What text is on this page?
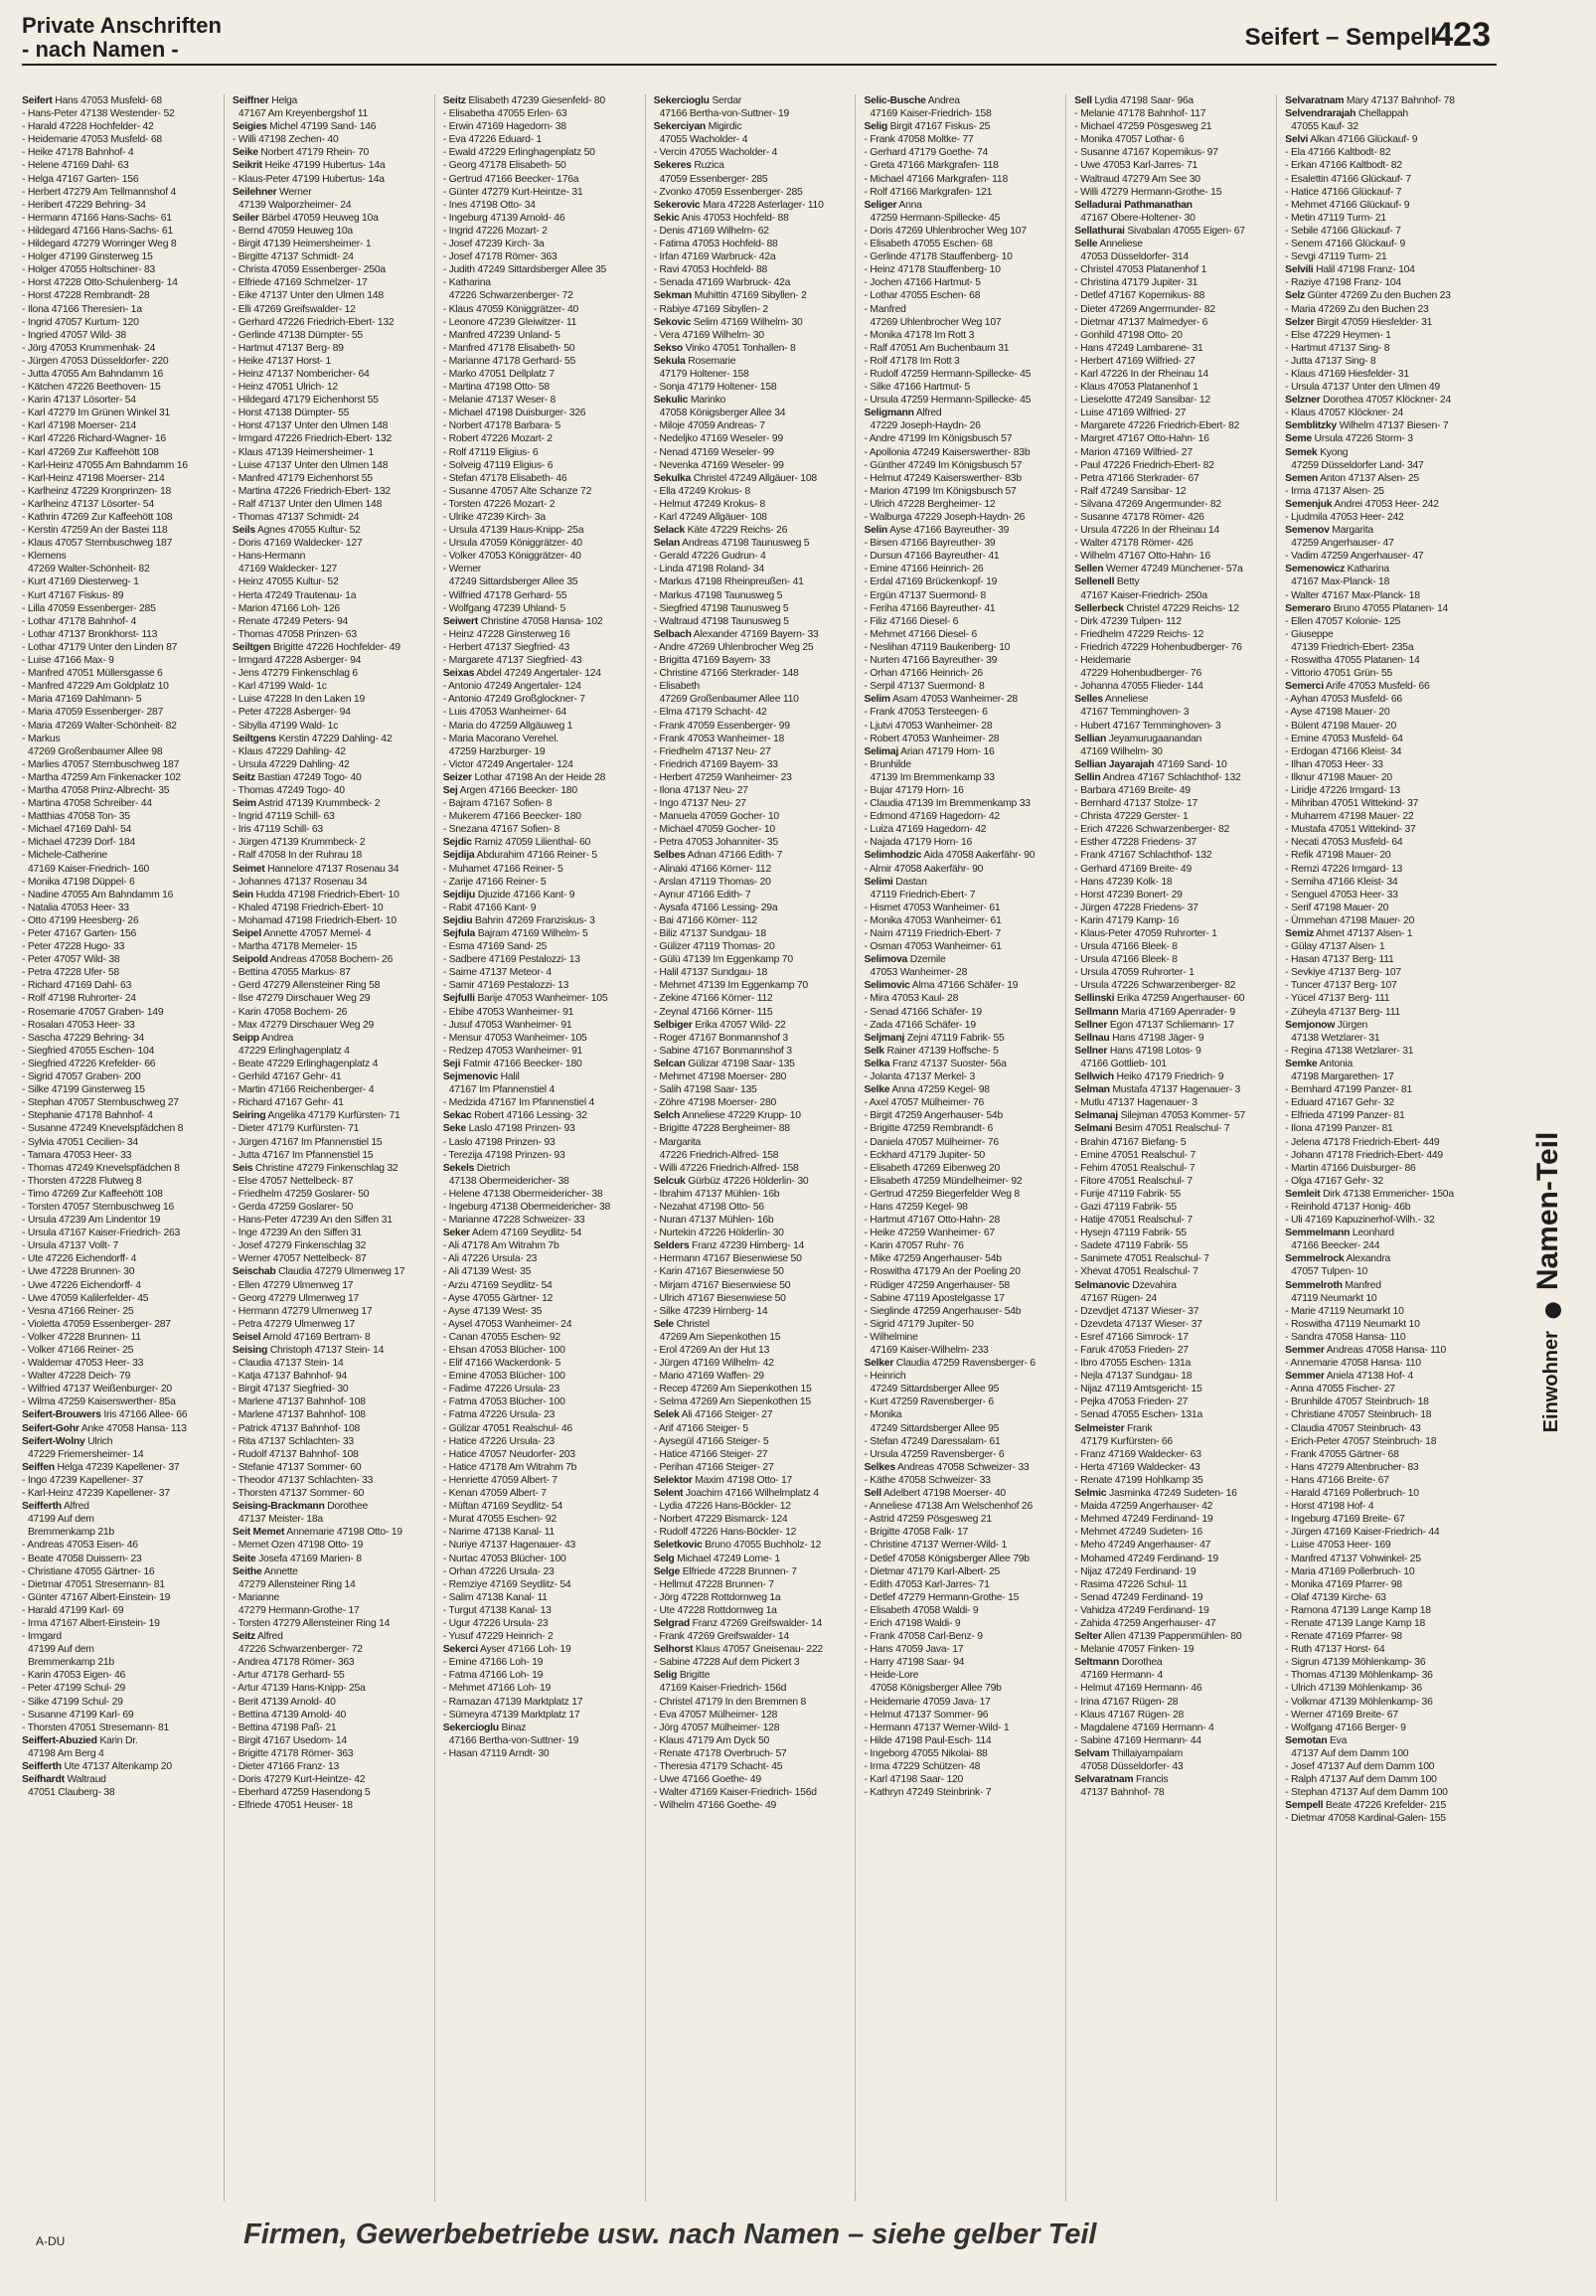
Private Anschriften
- nach Namen -	Seifert – Sempell
423
Seifert Hans 47053 Musfeld- 68
- Hans-Peter 47138 Westender- 52
- Harald 47228 Hochfelder- 42
- Heidemarie 47053 Musfeld- 68
- Heike 47178 Bahnhof- 4
- Helene 47169 Dahl- 63
- Helga 47167 Garten- 156
- Herbert 47279 Am Tellmannshof 4
- Heribert 47229 Behring- 34
- Hermann 47166 Hans-Sachs- 61
- Hildegard 47166 Hans-Sachs- 61
- Hildegard 47279 Worringer Weg 8
- Holger 47199 Ginsterweg 15
- Holger 47055 Holtschiner- 83
- Horst 47228 Otto-Schulenberg- 14
- Horst 47228 Rembrandt- 28
- Ilona 47166 Theresien- 1a
- Ingrid 47057 Kurtum- 120
- Ingried 47057 Wild- 38
- Jörg 47053 Krummenhak- 24
- Jürgen 47053 Düsseldorfer- 220
- Jutta 47055 Am Bahndamm 16
- Kätchen 47226 Beethoven- 15
- Karin 47137 Lösorter- 54
- Karl 47279 Im Grünen Winkel 31
- Karl 47198 Moerser- 214
- Karl 47226 Richard-Wagner- 16
- Karl 47269 Zur Kaffeehött 108
- Karl-Heinz 47055 Am Bahndamm 16
- Karl-Heinz 47198 Moerser- 214
- Karlheinz 47229 Kronprinzen- 18
- Karlheinz 47137 Lösorter- 54
- Kathrin 47269 Zur Kaffeehött 108
- Kerstin 47259 An der Bastei 118
- Klaus 47057 Sternbuschweg 187
- Klemens
47269 Walter-Schönheit- 82
- Kurt 47169 Diesterweg- 1
- Kurt 47167 Fiskus- 89
- Lilla 47059 Essenberger- 285
- Lothar 47178 Bahnhof- 4
- Lothar 47137 Bronkhorst- 113
- Lothar 47179 Unter den Linden 87
- Luise 47166 Max- 9
- Manfred 47051 Müllersgasse 6
- Manfred 47229 Am Goldplatz 10
- Maria 47169 Dahlmann- 5
- Maria 47059 Essenberger- 287
- Maria 47269 Walter-Schönheit- 82
- Markus
47269 Großenbaumer Allee 98
- Marlies 47057 Sternbuschweg 187
- Martha 47259 Am Finkenacker 102
- Martha 47058 Prinz-Albrecht- 35
- Martina 47058 Schreiber- 44
- Matthias 47058 Ton- 35
- Michael 47169 Dahl- 54
- Michael 47239 Dorf- 184
- Michele-Catherine
47169 Kaiser-Friedrich- 160
- Monika 47198 Düppel- 6
- Nadine 47055 Am Bahndamm 16
- Natalia 47053 Heer- 33
- Otto 47199 Heesberg- 26
- Peter 47167 Garten- 156
- Peter 47228 Hugo- 33
- Peter 47057 Wild- 38
- Petra 47228 Ufer- 58
- Richard 47169 Dahl- 63
- Rolf 47198 Ruhrorter- 24
- Rosemarie 47057 Graben- 149
- Rosalan 47053 Heer- 33
- Sascha 47229 Behring- 34
- Siegfried 47055 Eschen- 104
- Siegfried 47226 Krefelder- 66
- Sigrid 47057 Graben- 200
- Silke 47199 Ginsterweg 15
- Stephan 47057 Sternbuschweg 27
- Stephanie 47178 Bahnhof- 4
- Susanne 47249 Knevelspfädchen 8
- Sylvia 47051 Cecilien- 34
- Tamara 47053 Heer- 33
- Thomas 47249 Knevelspfädchen 8
- Thorsten 47228 Flutweg 8
- Timo 47269 Zur Kaffeehött 108
- Torsten 47057 Sternbuschweg 16
- Ursula 47239 Am Lindentor 19
- Ursula 47167 Kaiser-Friedrich- 263
- Ursula 47137 Vollt- 7
- Ute 47226 Eichendorff- 4
- Uwe 47228 Brunnen- 30
- Uwe 47226 Eichendorff- 4
- Uwe 47059 Kalilerfelder- 45
- Vesna 47166 Reiner- 25
- Violetta 47059 Essenberger- 287
- Volker 47228 Brunnen- 11
- Volker 47166 Reiner- 25
- Waldemar 47053 Heer- 33
- Walter 47228 Deich- 79
- Wilfried 47137 Weißenburger- 20
- Wilma 47259 Kaiserswerther- 85a
Seifert-Brouwers Iris 47166 Allee- 66
Seifert-Gohr Anke 47058 Hansa- 113
Seifert-Wolny Ulrich
47229 Friemersheimer- 14
Seiffen Helga 47239 Kapellener- 37
- Ingo 47239 Kapellener- 37
- Karl-Heinz 47239 Kapellener- 37
Seifferth Alfred
47199 Auf dem
Bremmenkamp 21b
- Andreas 47053 Eisen- 46
- Beate 47058 Duissern- 23
- Christiane 47055 Gärtner- 16
- Dietmar 47051 Stresemann- 81
- Günter 47167 Albert-Einstein- 19
- Harald 47199 Karl- 69
- Irma 47167 Albert-Einstein- 19
- Irmgard
47199 Auf dem
Bremmenkamp 21b
- Karin 47053 Eigen- 46
- Peter 47199 Schul- 29
- Silke 47199 Schul- 29
- Susanne 47199 Karl- 69
- Thorsten 47051 Stresemann- 81
Seiffert-Abuzied Karin Dr.
47198 Am Berg 4
Seifferth Ute 47137 Altenkamp 20
Seifhardt Waltraud
47051 Clauberg- 38
Seiffner Helga
47167 Am Kreyenbergshof 11
Seigies Michel 47199 Sand- 146
- Willi 47198 Zechen- 40
Seike Norbert 47179 Rhein- 70
Seikrit Heike 47199 Hubertus- 14a
- Klaus-Peter 47199 Hubertus- 14a
Seilehner Werner
47139 Walporzheimer- 24
Seiler Bärbel 47059 Heuweg 10a
- Bernd 47059 Heuweg 10a
- Birgit 47139 Heimersheimer- 1
- Birgitte 47137 Schmidt- 24
- Christa 47059 Essenberger- 250a
- Elfriede 47169 Schmelzer- 17
- Eike 47137 Unter den Ulmen 148
- Elli 47269 Greifswalder- 12
- Gerhard 47226 Friedrich-Ebert- 132
- Gerlinde 47138 Dümpter- 55
- Hartmut 47137 Berg- 89
- Heike 47137 Horst- 1
- Heinz 47137 Nombericher- 64
- Heinz 47051 Ulrich- 12
- Hildegard 47179 Eichenhorst 55
- Horst 47138 Dümpter- 55
- Horst 47137 Unter den Ulmen 148
- Irmgard 47226 Friedrich-Ebert- 132
- Klaus 47139 Heimersheimer- 1
- Luise 47137 Unter den Ulmen 148
- Manfred 47179 Eichenhorst 55
- Martina 47226 Friedrich-Ebert- 132
- Ralf 47137 Unter den Ulmen 148
- Thomas 47137 Schmidt- 24
Seils Agnes 47055 Kultur- 52
- Doris 47169 Waldecker- 127
- Hans-Hermann
47169 Waldecker- 127
- Heinz 47055 Kultur- 52
- Herta 47249 Trautenau- 1a
- Marion 47166 Loh- 126
- Renate 47249 Peters- 94
- Thomas 47058 Prinzen- 63
Seiltgen Brigitte 47226 Hochfelder- 49
- Irmgard 47228 Asberger- 94
- Jens 47279 Finkenschlag 6
- Karl 47199 Wald- 1c
- Luise 47228 In den Laken 19
- Peter 47228 Asberger- 94
- Sibylla 47199 Wald- 1c
Seiltgens Kerstin 47229 Dahling- 42
- Klaus 47229 Dahling- 42
- Ursula 47229 Dahling- 42
Seitz Bastian 47249 Togo- 40
- Thomas 47249 Togo- 40
Seim Astrid 47139 Krummbeck- 2
- Ingrid 47119 Schill- 63
- Iris 47119 Schill- 63
- Jürgen 47139 Krummbeck- 2
- Ralf 47058 In der Ruhrau 18
Seimet Hannelore 47137 Rosenau 34
- Johannes 47137 Rosenau 34
Sein Hudda 47198 Friedrich-Ebert- 10
- Khaled 47198 Friedrich-Ebert- 10
- Mohamad 47198 Friedrich-Ebert- 10
Seipel Annette 47057 Memel- 4
- Martha 47178 Memeler- 15
Seipold Andreas 47058 Bochem- 26
- Bettina 47055 Markus- 87
- Gerd 47279 Allensteiner Ring 58
- Ilse 47279 Dirschauer Weg 29
- Karin 47058 Bochem- 26
- Max 47279 Dirschauer Weg 29
Seipp Andrea
47229 Erlinghagenplatz 4
- Beate 47229 Erlinghagenplatz 4
- Gerhild 47167 Gehr- 41
- Martin 47166 Reichenberger- 4
- Richard 47167 Gehr- 41
Seiring Angelika 47179 Kurfürsten- 71
- Dieter 47179 Kurfürsten- 71
- Jürgen 47167 Im Pfannenstiel 15
- Jutta 47167 Im Pfannenstiel 15
Seis Christine 47279 Finkenschlag 32
- Else 47057 Nettelbeck- 87
- Friedhelm 47259 Goslarer- 50
- Gerda 47259 Goslarer- 50
- Hans-Peter 47239 An den Siffen 31
- Inge 47239 An den Siffen 31
- Josef 47279 Finkenschlag 32
- Werner 47057 Nettelbeck- 87
Seischab Claudia 47279 Ulmenweg 17
- Ellen 47279 Ulmenweg 17
- Georg 47279 Ulmenweg 17
- Hermann 47279 Ulmenweg 17
- Petra 47279 Ulmenweg 17
Seisel Arnold 47169 Bertram- 8
Seising Christoph 47137 Stein- 14
- Claudia 47137 Stein- 14
- Katja 47137 Bahnhof- 94
- Birgit 47137 Siegfried- 30
- Marlene 47137 Bahnhof- 108
- Marlene 47137 Bahnhof- 108
- Patrick 47137 Bahnhof- 108
- Rita 47137 Schlachten- 33
- Rudolf 47137 Bahnhof- 108
- Stefanie 47137 Sommer- 60
- Theodor 47137 Schlachten- 33
- Thorsten 47137 Sommer- 60
Seising-Brackmann Dorothee
47137 Meister- 18a
Seit Memet Annemarie 47198 Otto- 19
- Memet Ozen 47198 Otto- 19
Seite Josefa 47169 Marien- 8
Seithe Annette
47279 Allensteiner Ring 14
- Marianne
47279 Hermann-Grothe- 17
- Torsten 47279 Allensteiner Ring 14
Seitz Alfred
47226 Schwarzenberger- 72
- Andrea 47178 Römer- 363
- Artur 47178 Gerhard- 55
- Artur 47139 Hans-Knipp- 25a
- Berit 47139 Arnold- 40
- Bettina 47139 Arnold- 40
- Bettina 47198 Paß- 21
- Birgit 47167 Usedom- 14
- Brigitte 47178 Römer- 363
- Dieter 47166 Franz- 13
- Doris 47279 Kurt-Heintze- 42
- Eberhard 47259 Hasendong 5
- Elfriede 47051 Heuser- 18
Seitz Elisabeth 47239 Giesenfeld- 80
- Elisabetha 47055 Erlen- 63
- Erwin 47169 Hagedorn- 38
- Eva 47226 Eduard- 1
- Ewald 47229 Erlinghagenplatz 50
- Georg 47178 Elisabeth- 50
- Gertrud 47166 Beecker- 176a
- Günter 47279 Kurt-Heintze- 31
- Ines 47198 Otto- 34
- Ingeburg 47139 Arnold- 46
- Ingrid 47226 Mozart- 2
- Josef 47239 Kirch- 3a
- Josef 47178 Römer- 363
- Judith 47249 Sittardsberger Allee 35
- Katharina
47226 Schwarzenberger- 72
- Klaus 47059 Königgrätzer- 40
- Leonore 47239 Gleiwitzer- 11
- Manfred 47239 Unland- 5
- Manfred 47178 Elisabeth- 50
- Marianne 47178 Gerhard- 55
- Marko 47051 Dellplatz 7
- Martina 47198 Otto- 58
- Melanie 47137 Weser- 8
- Michael 47198 Duisburger- 326
- Norbert 47178 Barbara- 5
- Robert 47226 Mozart- 2
- Rolf 47119 Eligius- 6
- Solveig 47119 Eligius- 6
- Stefan 47178 Elisabeth- 46
- Susanne 47057 Alte Schanze 72
- Torsten 47226 Mozart- 2
- Ulrike 47239 Kirch- 3a
- Ursula 47139 Haus-Knipp- 25a
- Ursula 47059 Königgrätzer- 40
- Volker 47053 Königgrätzer- 40
- Werner
47249 Sittardsberger Allee 35
- Wilfried 47178 Gerhard- 55
- Wolfgang 47239 Uhland- 5
Seiwert Christine 47058 Hansa- 102
- Heinz 47228 Ginsterweg 16
- Herbert 47137 Siegfried- 43
- Margarete 47137 Siegfried- 43
Seixas Abdel 47249 Angertaler- 124
- Antonio 47249 Angertaler- 124
- Antonio 47249 Großglockner- 7
- Luis 47053 Wanheimer- 64
- Maria do 47259 Allgäuweg 1
- Maria Macorano Verehel.
47259 Harzburger- 19
- Victor 47249 Angertaler- 124
Seizer Lothar 47198 An der Heide 28
Sej Argen 47166 Beecker- 180
- Bajram 47167 Sofien- 8
- Mukerem 47166 Beecker- 180
- Snezana 47167 Sofien- 8
Sejdic Ramiz 47059 Lilienthal- 60
Sejdija Abdurahim 47166 Reiner- 5
- Muhamet 47166 Reiner- 5
- Zarije 47166 Reiner- 5
Sejdiju Djuzide 47166 Kant- 9
- Rabit 47166 Kant- 9
Sejdiu Bahrin 47269 Franziskus- 3
Sejfula Bajram 47169 Wilhelm- 5
- Esma 47169 Sand- 25
- Sadbere 47169 Pestalozzi- 13
- Saime 47137 Meteor- 4
- Samir 47169 Pestalozzi- 13
Sejfulli Barije 47053 Wanheimer- 105
- Ebibe 47053 Wanheimer- 91
- Jusuf 47053 Wanheimer- 91
- Mensur 47053 Wanheimer- 105
- Redzep 47053 Wanheimer- 91
Seji Fatmir 47166 Beecker- 180
Sejmenovic Halil
47167 Im Pfannenstiel 4
- Medzida 47167 Im Pfannenstiel 4
Sekac Robert 47166 Lessing- 32
Seke Laslo 47198 Prinzen- 93
- Laslo 47198 Prinzen- 93
- Terezija 47198 Prinzen- 93
Sekels Dietrich
47138 Obermeidericher- 38
- Helene 47138 Obermeidericher- 38
- Ingeburg 47138 Obermeidericher- 38
- Marianne 47228 Schweizer- 33
Seker Adem 47169 Seydlitz- 54
- Ali 47178 Am Witrahm 7b
- Ali 47226 Ursula- 23
- Ali 47139 West- 35
- Arzu 47169 Seydlitz- 54
- Ayse 47055 Gärtner- 12
- Ayse 47139 West- 35
- Aysel 47053 Wanheimer- 24
- Canan 47055 Eschen- 92
- Ehsan 47053 Blücher- 100
- Elif 47166 Wackerdonk- 5
- Emine 47053 Blücher- 100
- Fadime 47226 Ursula- 23
- Fatma 47053 Blücher- 100
- Fatma 47226 Ursula- 23
- Gülizar 47051 Realschul- 46
- Hatice 47226 Ursula- 23
- Hatice 47057 Neudorfer- 203
- Hatice 47178 Am Witrahm 7b
- Henriette 47059 Albert- 7
- Kenan 47059 Albert- 7
- Müftan 47169 Seydlitz- 54
- Murat 47055 Eschen- 92
- Narime 47138 Kanal- 11
- Nuriye 47137 Hagenauer- 43
- Nurtac 47053 Blücher- 100
- Orhan 47226 Ursula- 23
- Remziye 47169 Seydlitz- 54
- Salim 47138 Kanal- 11
- Turgut 47138 Kanal- 13
- Ugur 47226 Ursula- 23
- Yusuf 47229 Heinrich- 2
Sekerci Ayser 47166 Loh- 19
- Emine 47166 Loh- 19
- Fatma 47166 Loh- 19
- Mehmet 47166 Loh- 19
- Ramazan 47139 Marktplatz 17
- Sümeyra 47139 Marktplatz 17
Sekercioglu Binaz
47166 Bertha-von-Suttner- 19
- Hasan 47119 Arndt- 30
Sekercioglu Serdar
47166 Bertha-von-Suttner- 19
Sekerciyan Migirdic
47055 Wacholder- 4
- Vercin 47055 Wacholder- 4
Sekeres Ruzica
47059 Essenberger- 285
- Zvonko 47059 Essenberger- 285
Sekerovic Mara 47228 Asterlager- 110
Sekic Anis 47053 Hochfeld- 88
- Denis 47169 Wilhelm- 62
- Fatima 47053 Hochfeld- 88
- Irfan 47169 Warbruck- 42a
- Ravi 47053 Hochfeld- 88
- Senada 47169 Warbruck- 42a
Sekman Muhittin 47169 Sibyllen- 2
- Rabiye 47169 Sibyllen- 2
Sekovic Selim 47169 Wilhelm- 30
- Vera 47169 Wilhelm- 30
Sekso Vinko 47051 Tonhallen- 8
Sekula Rosemarie
47179 Holtener- 158
- Sonja 47179 Holtener- 158
Sekulic Marinko
47058 Königsberger Allee 34
- Miloje 47059 Andreas- 7
- Nedeljko 47169 Weseler- 99
- Nenad 47169 Weseler- 99
- Nevenka 47169 Weseler- 99
Sekulka Christel 47249 Allgäuer- 108
- Ella 47249 Krokus- 8
- Helmut 47249 Krokus- 8
- Karl 47249 Allgäuer- 108
Selack Käte 47229 Reichs- 26
Selan Andreas 47198 Taunusweg 5
- Gerald 47226 Gudrun- 4
- Linda 47198 Roland- 34
- Markus 47198 Rheinpreußen- 41
- Markus 47198 Taunusweg 5
- Siegfried 47198 Taunusweg 5
- Waltraud 47198 Taunusweg 5
Selbach Alexander 47169 Bayern- 33
- Andre 47269 Uhlenbrocher Weg 25
- Brigitta 47169 Bayern- 33
- Christine 47166 Sterkrader- 148
- Elisabeth
47269 Großenbaumer Allee 110
- Elma 47179 Schacht- 42
- Frank 47059 Essenberger- 99
- Frank 47053 Wanheimer- 18
- Friedhelm 47137 Neu- 27
- Friedrich 47169 Bayern- 33
- Herbert 47259 Wanheimer- 23
- Ilona 47137 Neu- 27
- Ingo 47137 Neu- 27
- Manuela 47059 Gocher- 10
- Michael 47059 Gocher- 10
- Petra 47053 Johanniter- 35
Selbes Adnan 47166 Edith- 7
- Alinaki 47166 Körner- 112
- Arslan 47119 Thomas- 20
- Aynur 47166 Edith- 7
- Aysafa 47166 Lessing- 29a
- Bai 47166 Körner- 112
- Biliz 47137 Sundgau- 18
- Gülizer 47119 Thomas- 20
- Gülü 47139 Im Eggenkamp 70
- Halil 47137 Sundgau- 18
- Mehmet 47139 Im Eggenkamp 70
- Zekine 47166 Körner- 112
- Zeynal 47166 Körner- 115
Selbiger Erika 47057 Wild- 22
- Roger 47167 Bonmannshof 3
- Sabine 47167 Bonmannshof 3
Selcan Gülizar 47198 Saar- 135
- Mehmet 47198 Moerser- 280
- Salih 47198 Saar- 135
- Zöhre 47198 Moerser- 280
Selch Anneliese 47229 Krupp- 10
- Brigitte 47228 Bergheimer- 88
- Margarita
47226 Friedrich-Alfred- 158
- Willi 47226 Friedrich-Alfred- 158
Selcuk Gürbüz 47226 Hölderlin- 30
- Ibrahim 47137 Mühlen- 16b
- Nezahat 47198 Otto- 56
- Nuran 47137 Mühlen- 16b
- Nurtekin 47226 Hölderlin- 30
Selders Franz 47239 Hirnberg- 14
- Hermann 47167 Biesenwiese 50
- Karin 47167 Biesenwiese 50
- Mirjam 47167 Biesenwiese 50
- Ulrich 47167 Biesenwiese 50
- Silke 47239 Hirnberg- 14
Sele Christel
47269 Am Siepenkothen 15
- Erol 47269 An der Hut 13
- Jürgen 47169 Wilhelm- 42
- Mario 47169 Waffen- 29
- Recep 47269 Am Siepenkothen 15
- Selma 47269 Am Siepenkothen 15
Selek Ali 47166 Steiger- 27
- Arif 47166 Steiger- 5
- Aysegül 47166 Steiger- 5
- Hatice 47166 Steiger- 27
- Perihan 47166 Steiger- 27
Selektor Maxim 47198 Otto- 17
Selent Joachim 47166 Wilhelmplatz 4
- Lydia 47226 Hans-Böckler- 12
- Norbert 47229 Bismarck- 124
- Rudolf 47226 Hans-Böckler- 12
Seletkovic Bruno 47055 Buchholz- 12
Selg Michael 47249 Lorne- 1
Selge Elfriede 47228 Brunnen- 7
- Hellmut 47228 Brunnen- 7
- Jörg 47228 Rottdornweg 1a
- Ute 47228 Rottdornweg 1a
Selgrad Franz 47269 Greifswalder- 14
- Frank 47269 Greifswalder- 14
Selhorst Klaus 47057 Gneisenau- 222
- Sabine 47228 Auf dem Pickert 3
Selig Brigitte
47169 Kaiser-Friedrich- 156d
- Christel 47179 In den Bremmen 8
- Eva 47057 Mülheimer- 128
- Jörg 47057 Mülheimer- 128
- Klaus 47179 Am Dyck 50
- Renate 47178 Overbruch- 57
- Theresia 47179 Schacht- 45
- Uwe 47166 Goethe- 49
- Walter 47169 Kaiser-Friedrich- 156d
- Wilhelm 47166 Goethe- 49
Selic-Busche Andrea
47169 Kaiser-Friedrich- 158
Selig Birgit 47167 Fiskus- 25
- Frank 47058 Moltke- 77
- Gerhard 47179 Goethe- 74
- Greta 47166 Markgrafen- 118
- Michael 47166 Markgrafen- 118
- Rolf 47166 Markgrafen- 121
Seliger Anna
47259 Hermann-Spillecke- 45
- Doris 47269 Uhlenbrocher Weg 107
- Elisabeth 47055 Eschen- 68
- Gerlinde 47178 Stauffenberg- 10
- Heinz 47178 Stauffenberg- 10
- Jochen 47166 Hartmut- 5
- Lothar 47055 Eschen- 68
- Manfred
47269 Uhlenbrocher Weg 107
- Monika 47178 Im Rott 3
- Ralf 47051 Am Buchenbaum 31
- Rolf 47178 Im Rott 3
- Rudolf 47259 Hermann-Spillecke- 45
- Silke 47166 Hartmut- 5
- Ursula 47259 Hermann-Spillecke- 45
Seligmann Alfred
47229 Joseph-Haydn- 26
- Andre 47199 Im Königsbusch 57
- Apollonia 47249 Kaiserswerther- 83b
- Günther 47249 Im Königsbusch 57
- Helmut 47249 Kaiserswerther- 83b
- Marion 47199 Im Königsbusch 57
- Ulrich 47228 Bergheimer- 12
- Walburga 47229 Joseph-Haydn- 26
Selin Ayse 47166 Bayreuther- 39
- Birsen 47166 Bayreuther- 39
- Dursun 47166 Bayreuther- 41
- Emine 47166 Heinrich- 26
- Erdal 47169 Brückenkopf- 19
- Ergün 47137 Suermond- 8
- Feriha 47166 Bayreuther- 41
- Filiz 47166 Diesel- 6
- Mehmet 47166 Diesel- 6
- Neslihan 47119 Baukenberg- 10
- Nurten 47166 Bayreuther- 39
- Orhan 47166 Heinrich- 26
- Serpil 47137 Suermond- 8
Selim Asam 47053 Wanheimer- 28
- Frank 47053 Tersteegen- 6
- Ljutvi 47053 Wanheimer- 28
- Robert 47053 Wanheimer- 28
Selimaj Arian 47179 Horn- 16
- Brunhilde
47139 Im Bremmenkamp 33
- Bujar 47179 Horn- 16
- Claudia 47139 Im Bremmenkamp 33
- Edmond 47169 Hagedorn- 42
- Luiza 47169 Hagedorn- 42
- Najada 47179 Horn- 16
Selimhodzic Aida 47058 Aakerfähr- 90
- Almir 47058 Aakerfähr- 90
Selimi Dastan
47119 Friedrich-Ebert- 7
- Hismet 47053 Wanheimer- 61
- Monika 47053 Wanheimer- 61
- Naim 47119 Friedrich-Ebert- 7
- Osman 47053 Wanheimer- 61
Selimova Dzemile
47053 Wanheimer- 28
Selimovic Alma 47166 Schäfer- 19
- Mira 47053 Kaul- 28
- Senad 47166 Schäfer- 19
- Zada 47166 Schäfer- 19
Seljmanj Zejni 47119 Fabrik- 55
Selk Rainer 47139 Hoffsche- 5
Selka Franz 47137 Suoster- 56a
- Jolanta 47137 Merkel- 3
Selke Anna 47259 Kegel- 98
- Axel 47057 Mülheimer- 76
- Birgit 47259 Angerhauser- 54b
- Brigitte 47259 Rembrandt- 6
- Daniela 47057 Mülheimer- 76
- Eckhard 47179 Jupiter- 50
- Elisabeth 47269 Eibenweg 20
- Elisabeth 47259 Mündelheimer- 92
- Gertrud 47259 Biegerfelder Weg 8
- Hans 47259 Kegel- 98
- Hartmut 47167 Otto-Hahn- 28
- Heike 47259 Wanheimer- 67
- Karin 47057 Ruhr- 76
- Mike 47259 Angerhauser- 54b
- Roswitha 47179 An der Poeling 20
- Rüdiger 47259 Angerhauser- 58
- Sabine 47119 Apostelgasse 17
- Sieglinde 47259 Angerhauser- 54b
- Sigrid 47179 Jupiter- 50
- Wilhelmine
47169 Kaiser-Wilhelm- 233
Selker Claudia 47259 Ravensberger- 6
- Heinrich
47249 Sittardsberger Allee 95
- Kurt 47259 Ravensberger- 6
- Monika
47249 Sittardsberger Allee 95
- Stefan 47249 Daressalam- 61
- Ursula 47259 Ravensberger- 6
Selkes Andreas 47058 Schweizer- 33
- Käthe 47058 Schweizer- 33
Sell Adelbert 47198 Moerser- 40
- Anneliese 47138 Am Welschenhof 26
- Astrid 47259 Pösgesweg 21
- Brigitte 47058 Falk- 17
- Christine 47137 Werner-Wild- 1
- Detlef 47058 Königsberger Allee 79b
- Dietmar 47179 Karl-Albert- 25
- Edith 47053 Karl-Jarres- 71
- Detlef 47279 Hermann-Grothe- 15
- Elisabeth 47058 Waldi- 9
- Erich 47198 Waldi- 9
- Frank 47058 Carl-Benz- 9
- Hans 47059 Java- 17
- Harry 47198 Saar- 94
- Heide-Lore
47058 Königsberger Allee 79b
- Heidemarie 47059 Java- 17
- Helmut 47137 Sommer- 96
- Hermann 47137 Werner-Wild- 1
- Hilde 47198 Paul-Esch- 114
- Ingeborg 47055 Nikolai- 88
- Irma 47229 Schützen- 48
- Karl 47198 Saar- 120
- Kathryn 47249 Steinbrink- 7
Sell Lydia 47198 Saar- 96a
- Melanie 47178 Bahnhof- 117
- Michael 47259 Pösgesweg 21
- Monika 47057 Lothar- 6
- Susanne 47167 Kopernikus- 97
- Uwe 47053 Karl-Jarres- 71
- Waltraud 47279 Am See 30
- Willi 47279 Hermann-Grothe- 15
Selladurai Pathmanathan
47167 Obere-Holtener- 30
Sellathurai Sivabalan 47055 Eigen- 67
Selle Anneliese
47053 Düsseldorfer- 314
- Christel 47053 Platanenhof 1
- Christina 47179 Jupiter- 31
- Detlef 47167 Kopernikus- 88
- Dieter 47269 Angermunder- 82
- Dietmar 47137 Malmedyer- 6
- Gonhild 47198 Otto- 20
- Hans 47249 Lambarene- 31
- Herbert 47169 Wilfried- 27
- Karl 47226 In der Rheinau 14
- Klaus 47053 Platanenhof 1
- Lieselotte 47249 Sansibar- 12
- Luise 47169 Wilfried- 27
- Margarete 47226 Friedrich-Ebert- 82
- Margret 47167 Otto-Hahn- 16
- Marion 47169 Wilfried- 27
- Paul 47226 Friedrich-Ebert- 82
- Petra 47166 Sterkrader- 67
- Ralf 47249 Sansibar- 12
- Silvana 47269 Angermunder- 82
- Susanne 47178 Römer- 426
- Ursula 47226 In der Rheinau 14
- Walter 47178 Römer- 426
- Wilhelm 47167 Otto-Hahn- 16
Sellen Werner 47249 Münchener- 57a
Sellenell Betty
47167 Kaiser-Friedrich- 250a
Sellerbeck Christel 47229 Reichs- 12
- Dirk 47239 Tulpen- 112
- Friedhelm 47229 Reichs- 12
- Friedrich 47229 Hohenbudberger- 76
- Heidemarie
47229 Hohenbudberger- 76
- Johanna 47055 Flieder- 144
Selles Anneliese
47167 Temminghoven- 3
- Hubert 47167 Temminghoven- 3
Sellian Jeyamurugaanandan
47169 Wilhelm- 30
Sellian Jayarajah 47169 Sand- 10
Sellin Andrea 47167 Schlachthof- 132
- Barbara 47169 Breite- 49
- Bernhard 47137 Stolze- 17
- Christa 47229 Gerster- 1
- Erich 47226 Schwarzenberger- 82
- Esther 47228 Friedens- 37
- Frank 47167 Schlachthof- 132
- Gerhard 47169 Breite- 49
- Hans 47239 Kolk- 18
- Horst 47239 Bonert- 29
- Jürgen 47228 Friedens- 37
- Karin 47179 Kamp- 16
- Klaus-Peter 47059 Ruhrorter- 1
- Ursula 47166 Bleek- 8
- Ursula 47166 Bleek- 8
- Ursula 47059 Ruhrorter- 1
- Ursula 47226 Schwarzenberger- 82
Sellinski Erika 47259 Angerhauser- 60
Sellmann Maria 47169 Apenrader- 9
Sellner Egon 47137 Schliemann- 17
Sellnau Hans 47198 Jäger- 9
Sellner Hans 47198 Lotos- 9
47166 Gottlieb- 101
Sellwich Heiko 47179 Friedrich- 9
Selman Mustafa 47137 Hagenauer- 3
- Mutlu 47137 Hagenauer- 3
Selmanaj Silejman 47053 Kommer- 57
Selmani Besim 47051 Realschul- 7
- Brahin 47167 Biefang- 5
- Emine 47051 Realschul- 7
- Fehim 47051 Realschul- 7
- Fitore 47051 Realschul- 7
- Furije 47119 Fabrik- 55
- Gazi 47119 Fabrik- 55
- Hatije 47051 Realschul- 7
- Hysejn 47119 Fabrik- 55
- Sadete 47119 Fabrik- 55
- Sanimete 47051 Realschul- 7
- Xhevat 47051 Realschul- 7
Selmanovic Dzevahira
47167 Rügen- 24
- Dzevdjet 47137 Wieser- 37
- Dzevdeta 47137 Wieser- 37
- Esref 47166 Simrock- 17
- Faruk 47053 Frieden- 27
- Ibro 47055 Eschen- 131a
- Nejla 47137 Sundgau- 18
- Nijaz 47119 Amtsgericht- 15
- Pejka 47053 Frieden- 27
- Senad 47055 Eschen- 131a
Selmeister Frank
47179 Kurfürsten- 66
- Franz 47169 Waldecker- 63
- Herta 47169 Waldecker- 43
- Renate 47199 Hohlkamp 35
Selmic Jasminka 47249 Sudeten- 16
- Maida 47259 Angerhauser- 42
- Mehmed 47249 Ferdinand- 19
- Mehmet 47249 Sudeten- 16
- Meho 47249 Angerhauser- 47
- Mohamed 47249 Ferdinand- 19
- Nijaz 47249 Ferdinand- 19
- Rasima 47226 Schul- 11
- Senad 47249 Ferdinand- 19
- Vahidza 47249 Ferdinand- 19
- Zahida 47259 Angerhauser- 47
Selter Allen 47139 Pappenmühlen- 80
- Melanie 47057 Finken- 19
Seltmann Dorothea
47169 Hermann- 4
- Helmut 47169 Hermann- 46
- Irina 47167 Rügen- 28
- Klaus 47167 Rügen- 28
- Magdalene 47169 Hermann- 4
- Sabine 47169 Hermann- 44
Selvam Thillaiyampalam
47058 Düsseldorfer- 43
Selvaratnam Francis
47137 Bahnhof- 78
Selvaratnam Mary 47137 Bahnhof- 78
Selvendrarajah Chellappah
47055 Kauf- 32
Selvi Alkan 47166 Glückauf- 9
- Ela 47166 Kaltbodt- 82
- Erkan 47166 Kaltbodt- 82
- Esalettin 47166 Glückauf- 7
- Hatice 47166 Glückauf- 7
- Mehmet 47166 Glückauf- 9
- Metin 47119 Turm- 21
- Sebile 47166 Glückauf- 7
- Senem 47166 Glückauf- 9
- Sevgi 47119 Turm- 21
Selvili Halil 47198 Franz- 104
- Raziye 47198 Franz- 104
Selz Günter 47269 Zu den Buchen 23
- Maria 47269 Zu den Buchen 23
Selzer Birgit 47059 Hiesfelder- 31
- Else 47229 Heymen- 1
- Hartmut 47137 Sing- 8
- Jutta 47137 Sing- 8
- Klaus 47169 Hiesfelder- 31
- Ursula 47137 Unter den Ulmen 49
Selzner Dorothea 47057 Klöckner- 24
- Klaus 47057 Klöckner- 24
Semblitzky Wilhelm 47137 Biesen- 7
Seme Ursula 47226 Storm- 3
Semek Kyong
47259 Düsseldorfer Land- 347
Semen Anton 47137 Alsen- 25
- Irma 47137 Alsen- 25
Semenjuk Andrei 47053 Heer- 242
- Ljudmila 47053 Heer- 242
Semenov Margarita
47259 Angerhauser- 47
- Vadim 47259 Angerhauser- 47
Semenowicz Katharina
47167 Max-Planck- 18
- Walter 47167 Max-Planck- 18
Semeraro Bruno 47055 Platanen- 14
- Ellen 47057 Kolonie- 125
- Giuseppe
47139 Friedrich-Ebert- 235a
- Roswitha 47055 Platanen- 14
- Vittorio 47051 Grün- 55
Semerci Arife 47053 Musfeld- 66
- Ayhan 47053 Musfeld- 66
- Ayse 47198 Mauer- 20
- Bülent 47198 Mauer- 20
- Emine 47053 Musfeld- 64
- Erdogan 47166 Kleist- 34
- Ilhan 47053 Heer- 33
- Ilknur 47198 Mauer- 20
- Liridje 47226 Irmgard- 13
- Mihriban 47051 Wittekind- 37
- Muharrem 47198 Mauer- 22
- Mustafa 47051 Wittekind- 37
- Necati 47053 Musfeld- 64
- Refik 47198 Mauer- 20
- Remzi 47226 Irmgard- 13
- Semiha 47166 Kleist- 34
- Senguel 47053 Heer- 33
- Serif 47198 Mauer- 20
- Ümmehan 47198 Mauer- 20
Semiz Ahmet 47137 Alsen- 1
- Gülay 47137 Alsen- 1
- Hasan 47137 Berg- 111
- Sevkiye 47137 Berg- 107
- Tuncer 47137 Berg- 107
- Yücel 47137 Berg- 111
- Züheyla 47137 Berg- 111
Semjonow Jürgen
47138 Wetzlarer- 31
- Regina 47138 Wetzlarer- 31
Semke Antonia
47198 Margarethen- 17
- Bernhard 47199 Panzer- 81
- Eduard 47167 Gehr- 32
- Elfrieda 47199 Panzer- 81
- Ilona 47199 Panzer- 81
- Jelena 47178 Friedrich-Ebert- 449
- Johann 47178 Friedrich-Ebert- 449
- Martin 47166 Duisburger- 86
- Olga 47167 Gehr- 32
Semleit Dirk 47138 Emmericher- 150a
- Reinhold 47137 Honig- 46b
- Uli 47169 Kapuzinerhof-Wilh.- 32
Semmelmann Leonhard
47166 Beecker- 244
Semmelrock Alexandra
47057 Tulpen- 10
Semmelroth Manfred
47119 Neumarkt 10
- Marie 47119 Neumarkt 10
- Roswitha 47119 Neumarkt 10
- Sandra 47058 Hansa- 110
Semmer Andreas 47058 Hansa- 110
- Annemarie 47058 Hansa- 110
Semmer Aniela 47138 Hof- 4
- Anna 47055 Fischer- 27
- Brunhilde 47057 Steinbruch- 18
- Christiane 47057 Steinbruch- 18
- Claudia 47057 Steinbruch- 43
- Erich-Peter 47057 Steinbruch- 18
- Frank 47055 Gärtner- 68
- Hans 47279 Altenbrucher- 83
- Hans 47166 Breite- 67
- Harald 47169 Pollerbruch- 10
- Horst 47198 Hof- 4
- Ingeburg 47169 Breite- 67
- Jürgen 47169 Kaiser-Friedrich- 44
- Luise 47053 Heer- 169
- Manfred 47137 Vohwinkel- 25
- Maria 47169 Pollerbruch- 10
- Monika 47169 Pfarrer- 98
- Olaf 47139 Kirche- 63
- Ramona 47139 Lange Kamp 18
- Renate 47139 Lange Kamp 18
- Renate 47169 Pfarrer- 98
- Ruth 47137 Horst- 64
- Sigrun 47139 Möhlenkamp- 36
- Thomas 47139 Möhlenkamp- 36
- Ulrich 47139 Möhlenkamp- 36
- Volkmar 47139 Möhlenkamp- 36
- Werner 47169 Breite- 67
- Wolfgang 47166 Berger- 9
Semotan Eva
47137 Auf dem Damm 100
- Josef 47137 Auf dem Damm 100
- Ralph 47137 Auf dem Damm 100
- Stephan 47137 Auf dem Damm 100
Sempell Beate 47226 Krefelder- 215
- Dietmar 47058 Kardinal-Galen- 155
Einwohner  Namen-Teil
A-DU	Firmen, Gewerbebetriebe usw. nach Namen – siehe gelber Teil
